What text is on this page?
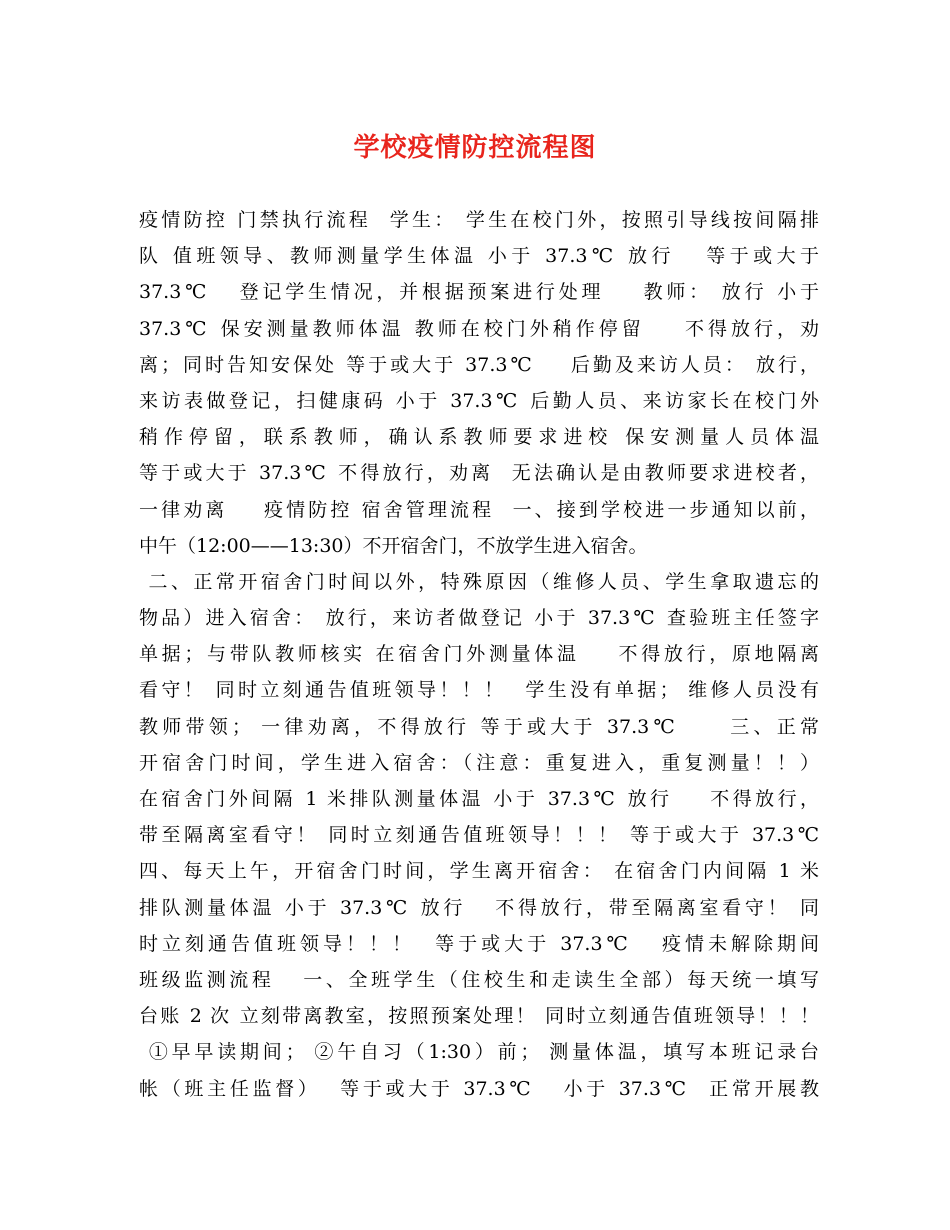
学校疫情防控流程图
疫情防控 门禁执行流程  学生： 学生在校门外，按照引导线按间隔排
队 值班领导、教师测量学生体温 小于 37.3℃ 放行   等于或大于
37.3℃   登记学生情况，并根据预案进行处理    教师： 放行 小于
37.3℃ 保安测量教师体温 教师在校门外稍作停留    不得放行，劝
离；同时告知安保处 等于或大于 37.3℃    后勤及来访人员： 放行，
来访表做登记，扫健康码 小于 37.3℃ 后勤人员、来访家长在校门外
稍作停留，联系教师，确认系教师要求进校 保安测量人员体温
等于或大于 37.3℃ 不得放行，劝离  无法确认是由教师要求进校者，
一律劝离    疫情防控 宿舍管理流程  一、接到学校进一步通知以前，
中午（12:00——13:30）不开宿舍门，不放学生进入宿舍。
二、正常开宿舍门时间以外，特殊原因（维修人员、学生拿取遗忘的
物品）进入宿舍： 放行，来访者做登记 小于 37.3℃ 查验班主任签字
单据；与带队教师核实 在宿舍门外测量体温    不得放行，原地隔离
看守！ 同时立刻通告值班领导！！！  学生没有单据； 维修人员没有
教师带领； 一律劝离，不得放行 等于或大于 37.3℃     三、正常
开宿舍门时间，学生进入宿舍：（注意：重复进入，重复测量！！）
在宿舍门外间隔 1 米排队测量体温 小于 37.3℃ 放行    不得放行，
带至隔离室看守！ 同时立刻通告值班领导！！！ 等于或大于 37.3℃
四、每天上午，开宿舍门时间，学生离开宿舍： 在宿舍门内间隔 1 米
排队测量体温 小于 37.3℃ 放行   不得放行，带至隔离室看守！ 同
时立刻通告值班领导！！！  等于或大于 37.3℃   疫情未解除期间
班级监测流程   一、全班学生（住校生和走读生全部）每天统一填写
台账 2 次 立刻带离教室，按照预案处理！ 同时立刻通告值班领导！！！
①早早读期间； ②午自习（1:30）前； 测量体温，填写本班记录台
帐（班主任监督）  等于或大于 37.3℃   小于 37.3℃  正常开展教
